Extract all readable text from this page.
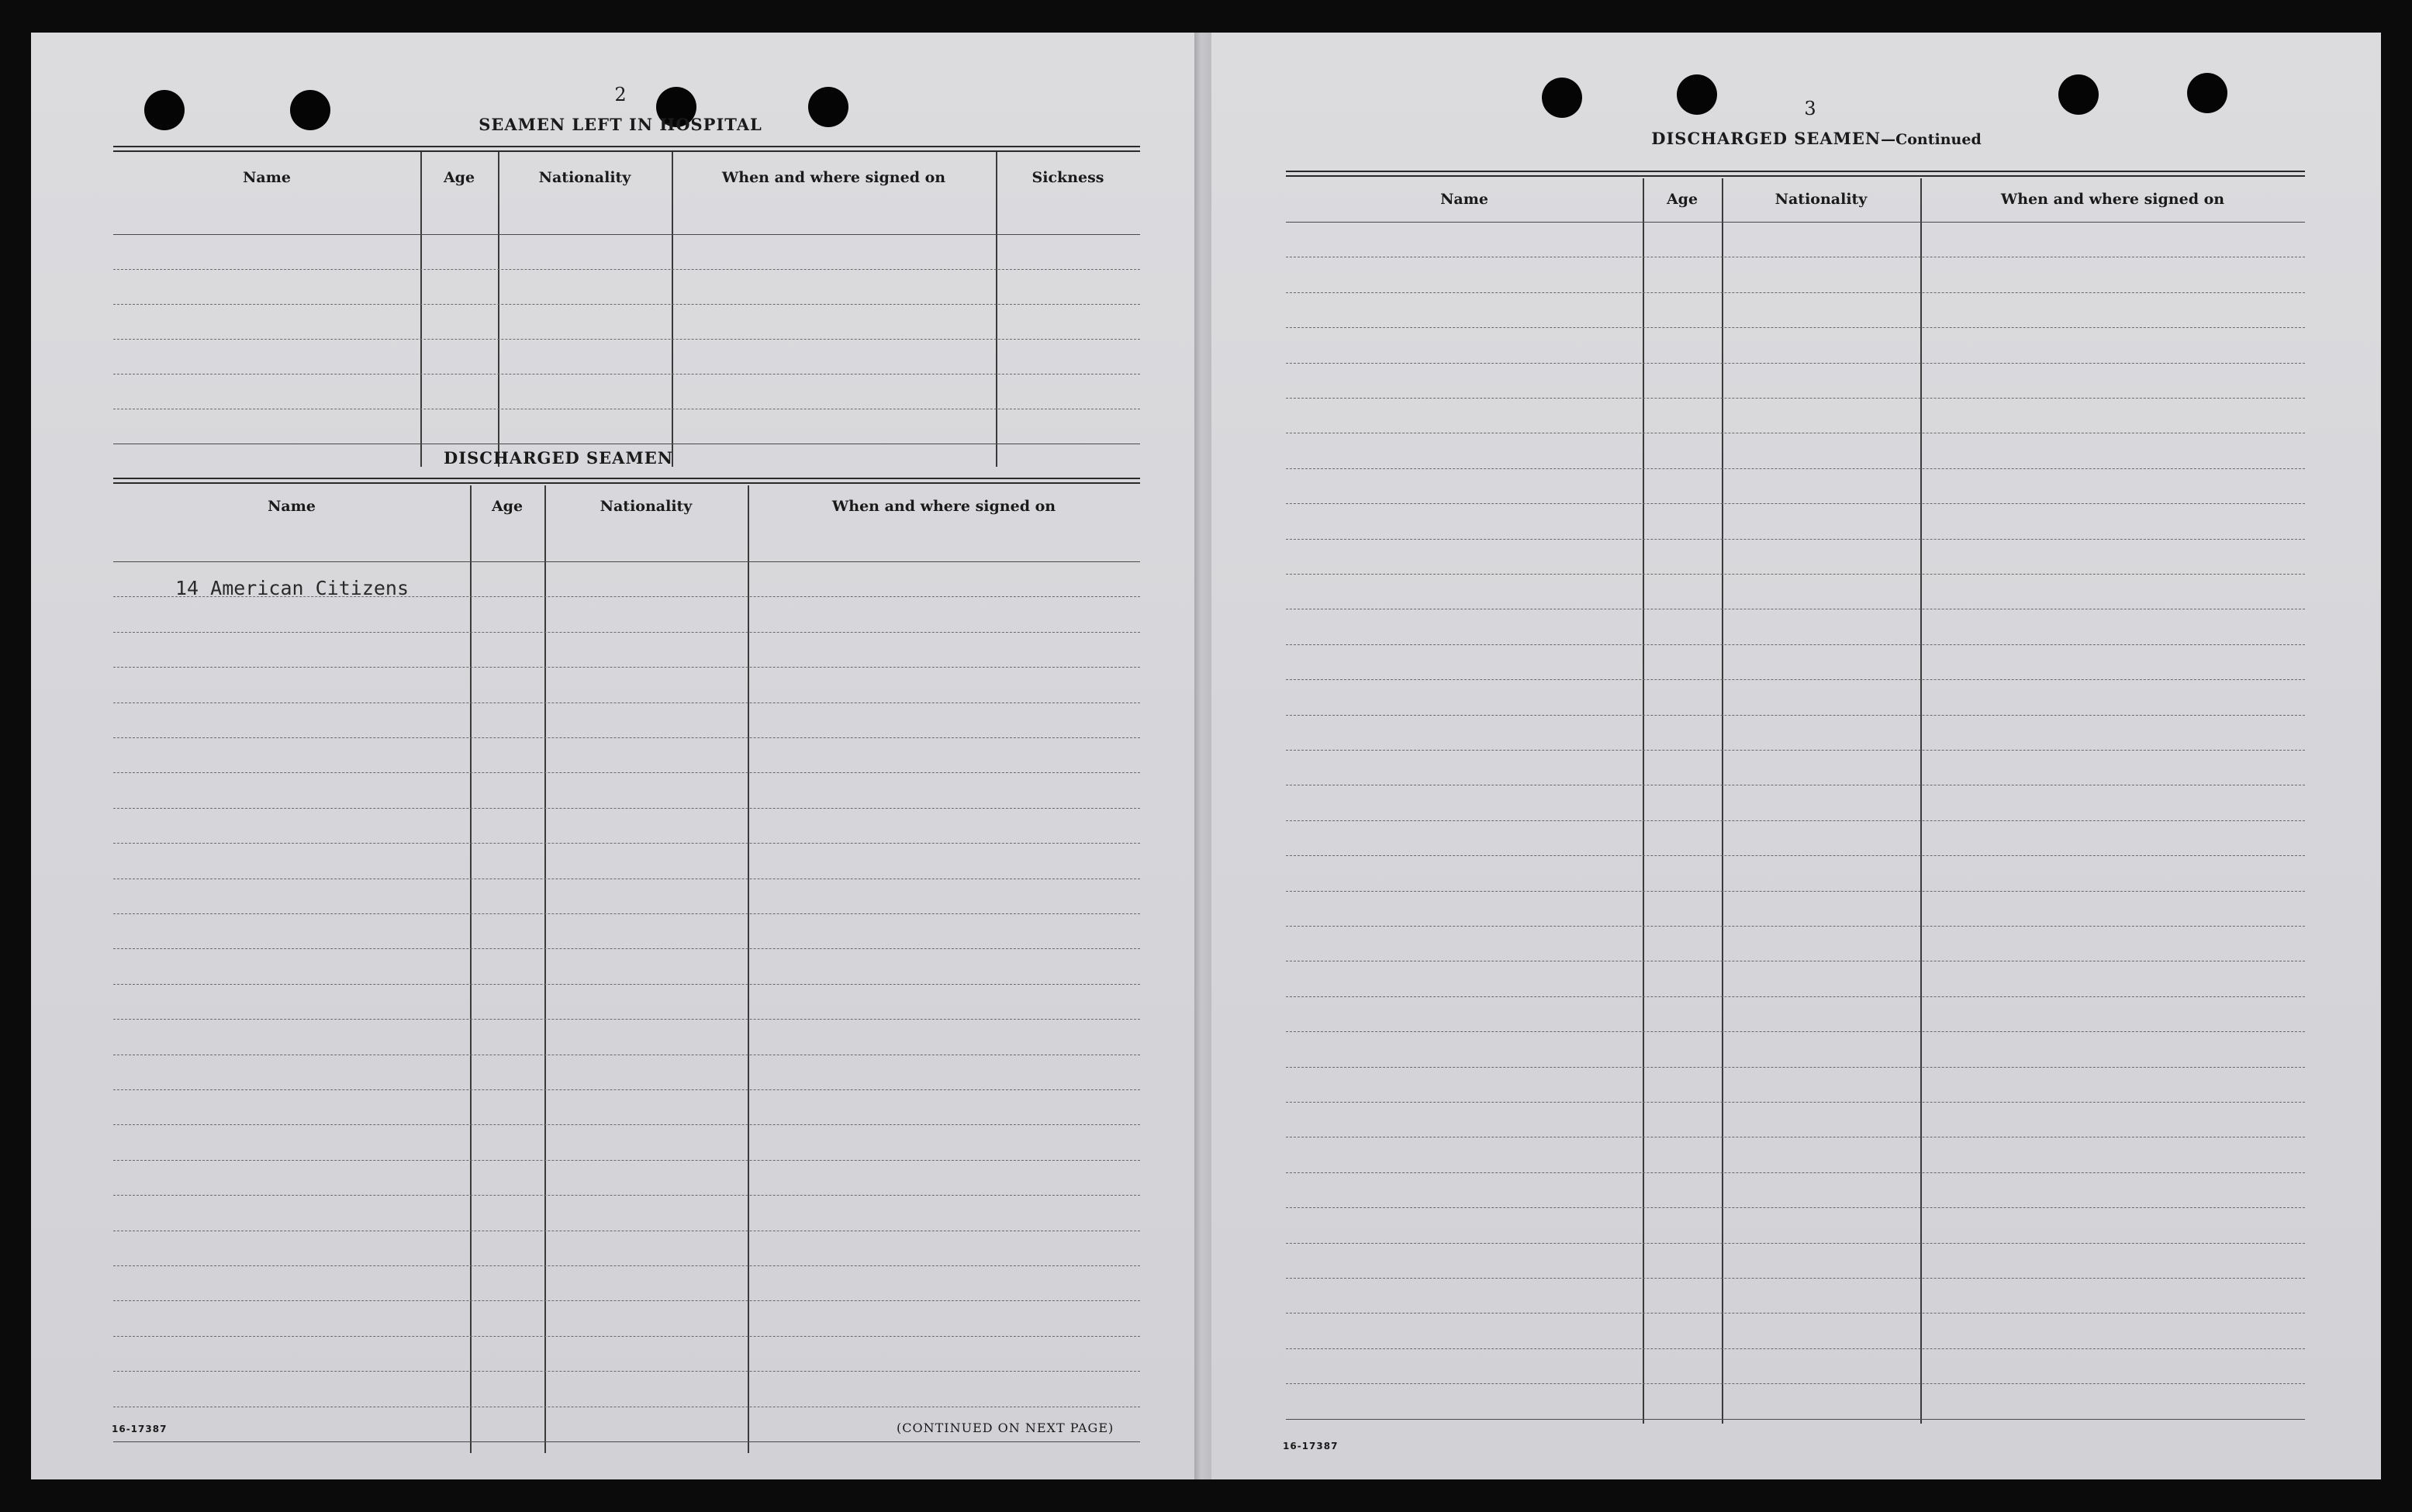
2
SEAMEN LEFT IN HOSPITAL
Name	Age	Nationality	When and where signed on	Sickness
DISCHARGED SEAMEN
Name	Age	Nationality	When and where signed on
14 American Citizens
16-17387	(CONTINUED ON NEXT PAGE)
3
DISCHARGED SEAMEN—Continued
Name	Age	Nationality	When and where signed on
16-17387
